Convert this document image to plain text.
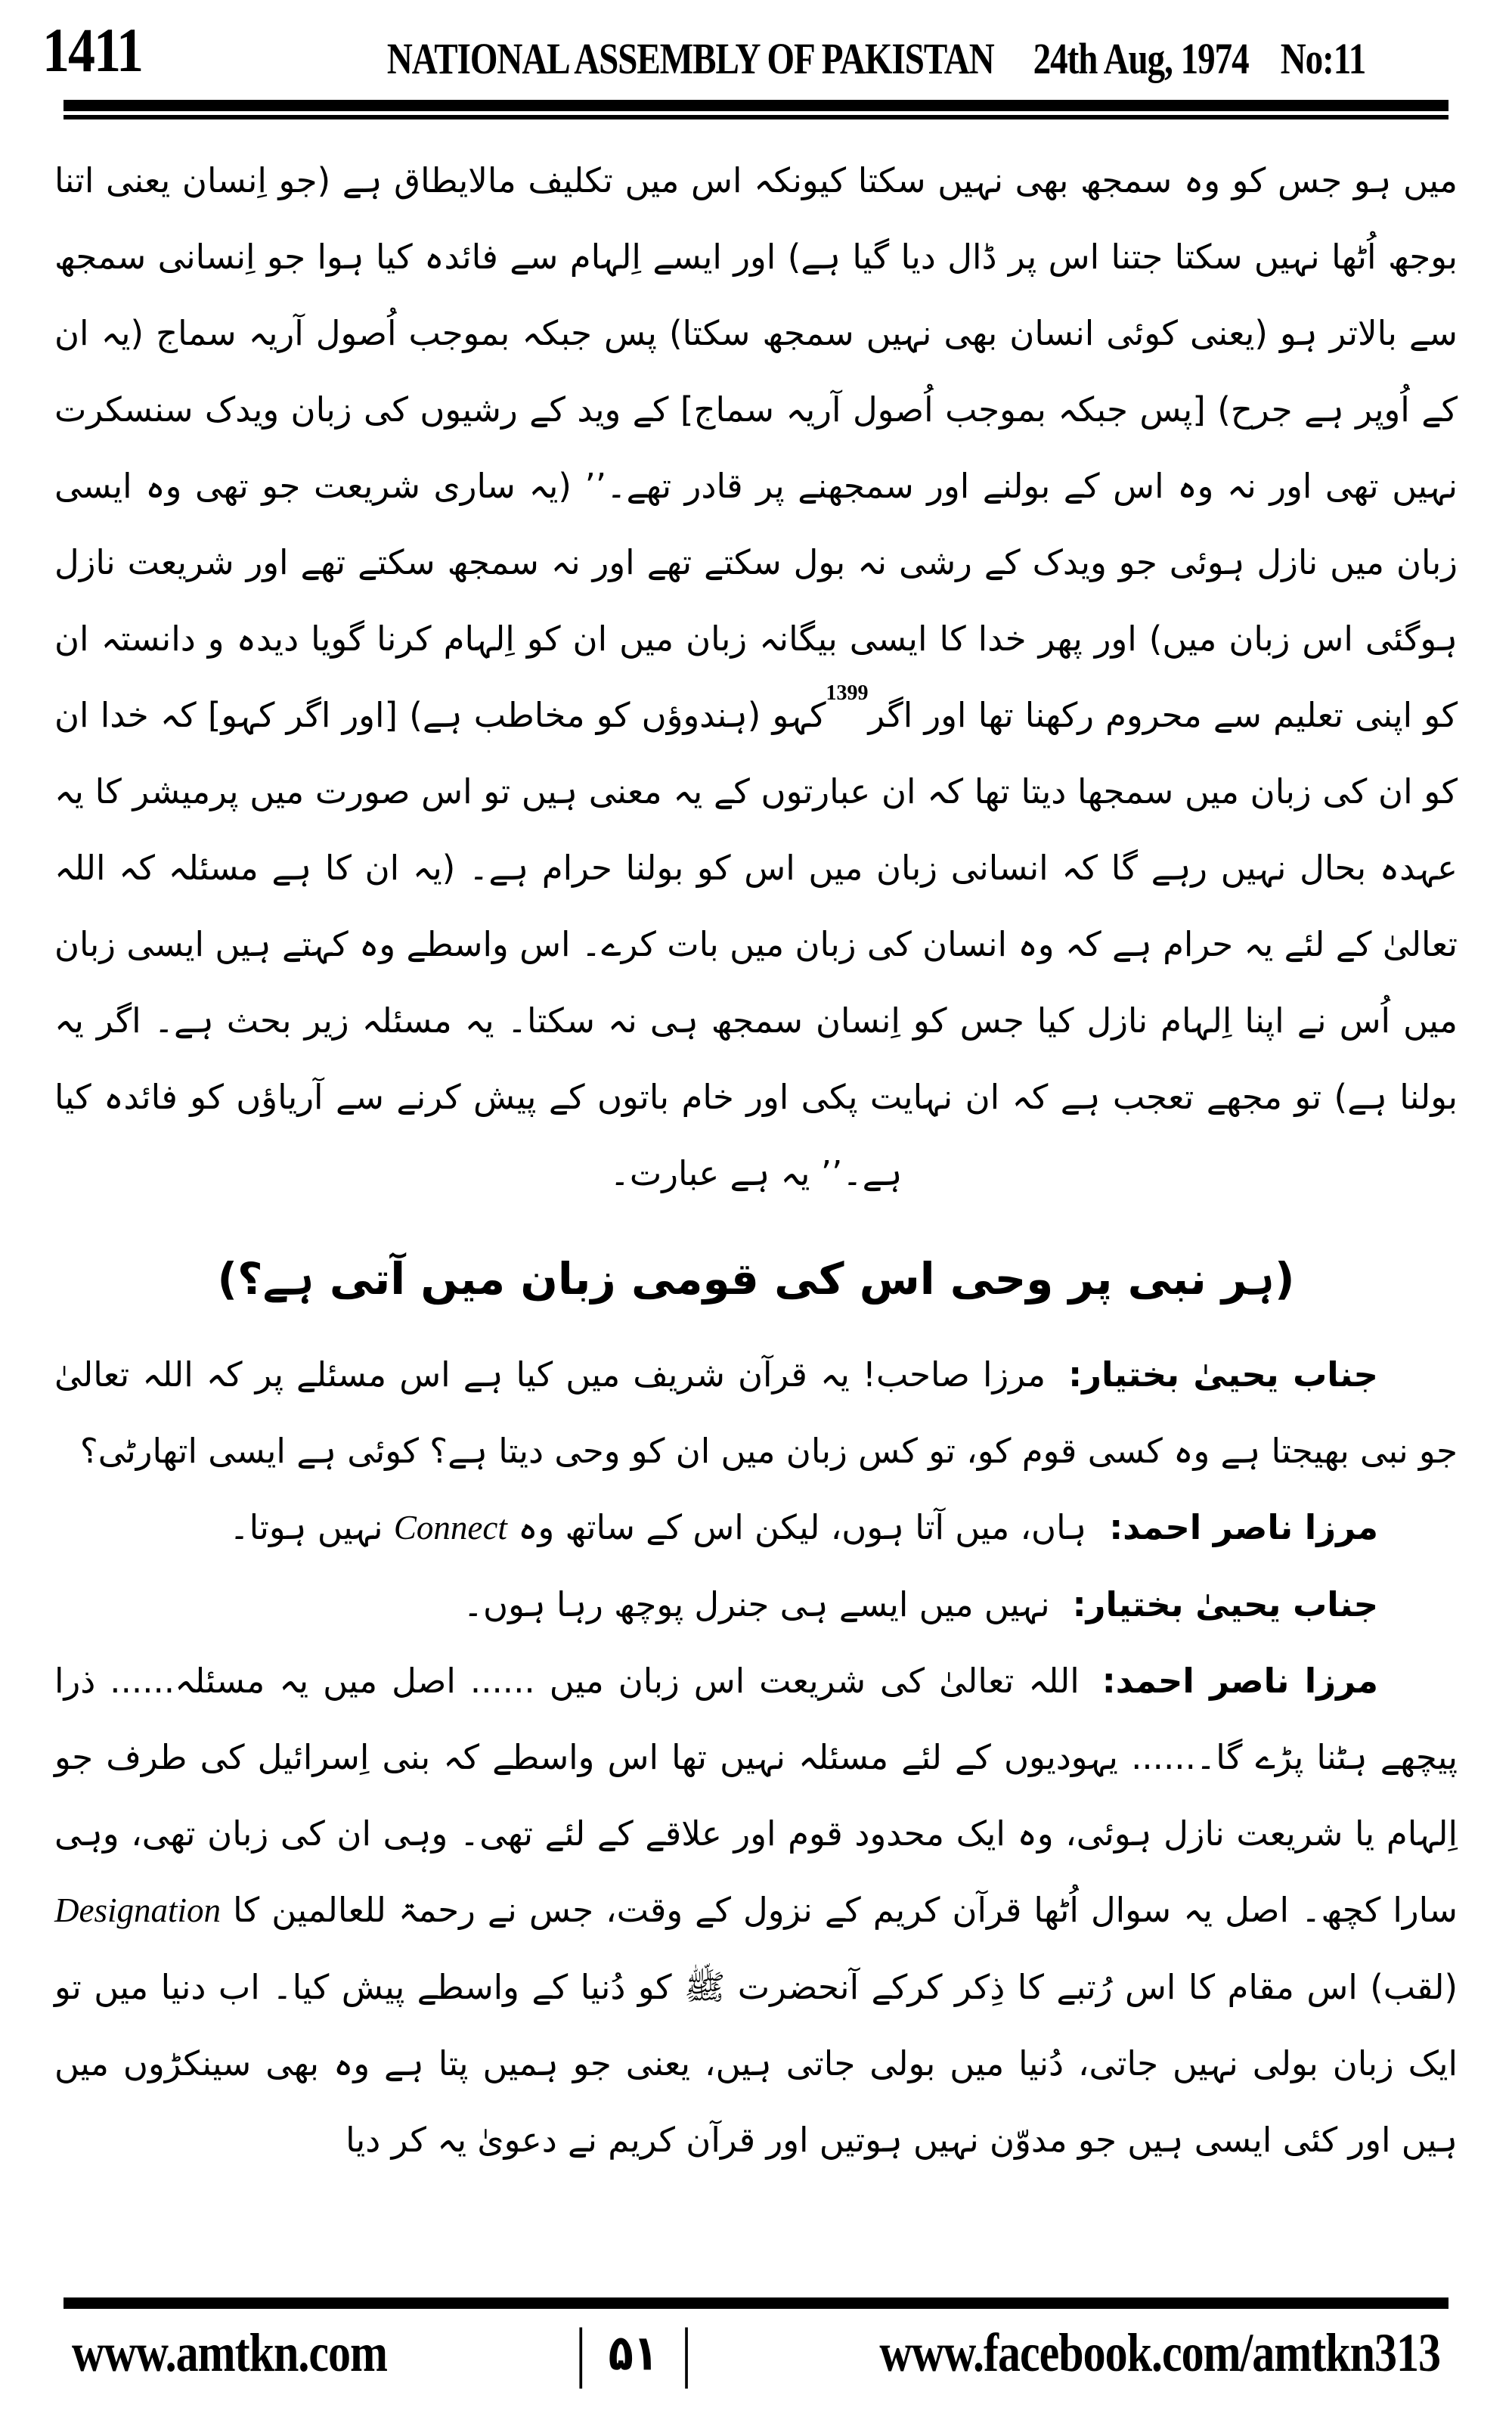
1411	NATIONAL ASSEMBLY OF PAKISTAN 24th Aug, 1974 No:11

میں ہو جس کو وہ سمجھ بھی نہیں سکتا کیونکہ اس میں تکلیف مالایطاق ہے (جو اِنسان یعنی اتنا بوجھ اُٹھا نہیں سکتا جتنا اس پر ڈال دیا گیا ہے) اور ایسے اِلہام سے فائدہ کیا ہوا جو اِنسانی سمجھ سے بالاتر ہو (یعنی کوئی انسان بھی نہیں سمجھ سکتا) پس جبکہ بموجب اُصول آریہ سماج (یہ ان کے اُوپر ہے جرح) [پس جبکہ بموجب اُصول آریہ سماج] کے وید کے رشیوں کی زبان ویدک سنسکرت نہیں تھی اور نہ وہ اس کے بولنے اور سمجھنے پر قادر تھے۔’’ (یہ ساری شریعت جو تھی وہ ایسی زبان میں نازل ہوئی جو ویدک کے رشی نہ بول سکتے تھے اور نہ سمجھ سکتے تھے اور شریعت نازل ہوگئی اس زبان میں) اور پھر خدا کا ایسی بیگانہ زبان میں ان کو اِلہام کرنا گویا دیدہ و دانستہ ان کو اپنی تعلیم سے محروم رکھنا تھا اور اگر$^{1399}$کہو (ہندوؤں کو مخاطب ہے) [اور اگر کہو] کہ خدا ان کو ان کی زبان میں سمجھا دیتا تھا کہ ان عبارتوں کے یہ معنی ہیں تو اس صورت میں پرمیشر کا یہ عہدہ بحال نہیں رہے گا کہ انسانی زبان میں اس کو بولنا حرام ہے۔ (یہ ان کا ہے مسئلہ کہ اللہ تعالیٰ کے لئے یہ حرام ہے کہ وہ انسان کی زبان میں بات کرے۔ اس واسطے وہ کہتے ہیں ایسی زبان میں اُس نے اپنا اِلہام نازل کیا جس کو اِنسان سمجھ ہی نہ سکتا۔ یہ مسئلہ زیر بحث ہے۔ اگر یہ بولنا ہے) تو مجھے تعجب ہے کہ ان نہایت پکی اور خام باتوں کے پیش کرنے سے آریاؤں کو فائدہ کیا ہے۔’’ یہ ہے عبارت۔

(ہر نبی پر وحی اس کی قومی زبان میں آتی ہے؟)

جناب یحییٰ بختیار:مرزا صاحب! یہ قرآن شریف میں کیا ہے اس مسئلے پر کہ اللہ تعالیٰ جو نبی بھیجتا ہے وہ کسی قوم کو، تو کس زبان میں ان کو وحی دیتا ہے؟ کوئی ہے ایسی اتھارٹی؟

مرزا ناصر احمد:ہاں، میں آتا ہوں، لیکن اس کے ساتھ وہ Connect نہیں ہوتا۔

جناب یحییٰ بختیار:نہیں میں ایسے ہی جنرل پوچھ رہا ہوں۔

مرزا ناصر احمد:اللہ تعالیٰ کی شریعت اس زبان میں ...... اصل میں یہ مسئلہ...... ذرا پیچھے ہٹنا پڑے گا۔...... یہودیوں کے لئے مسئلہ نہیں تھا اس واسطے کہ بنی اِسرائیل کی طرف جو اِلہام یا شریعت نازل ہوئی، وہ ایک محدود قوم اور علاقے کے لئے تھی۔ وہی ان کی زبان تھی، وہی سارا کچھ۔ اصل یہ سوال اُٹھا قرآن کریم کے نزول کے وقت، جس نے رحمۃ للعالمین کا Designation (لقب) اس مقام کا اس رُتبے کا ذِکر کرکے آنحضرت ﷺ کو دُنیا کے واسطے پیش کیا۔ اب دنیا میں تو ایک زبان بولی نہیں جاتی، دُنیا میں بولی جاتی ہیں، یعنی جو ہمیں پتا ہے وہ بھی سینکڑوں میں ہیں اور کئی ایسی ہیں جو مدوّن نہیں ہوتیں اور قرآن کریم نے دعویٰ یہ کر دیا

www.amtkn.com	| ۵۱ |	www.facebook.com/amtkn313
